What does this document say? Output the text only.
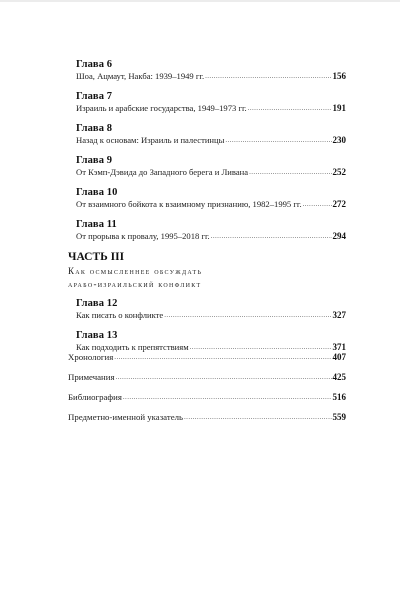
Глава 6
Шоа, Ацмаут, Накба: 1939–1949 гг. .....	156
Глава 7
Израиль и арабские государства, 1949–1973 гг. .....	191
Глава 8
Назад к основам: Израиль и палестинцы .....	230
Глава 9
От Кэмп-Дэвида до Западного берега и Ливана .....	252
Глава 10
От взаимного бойкота к взаимному признанию, 1982–1995 гг. .....	272
Глава 11
От прорыва к провалу, 1995–2018 гг. .....	294
ЧАСТЬ III
Как осмысленнее обсуждать
арабо-израильский конфликт
Глава 12
Как писать о конфликте .....	327
Глава 13
Как подходить к препятствиям .....	371
Хронология .....	407
Примечания .....	425
Библиография .....	516
Предметно-именной указатель .....	559
